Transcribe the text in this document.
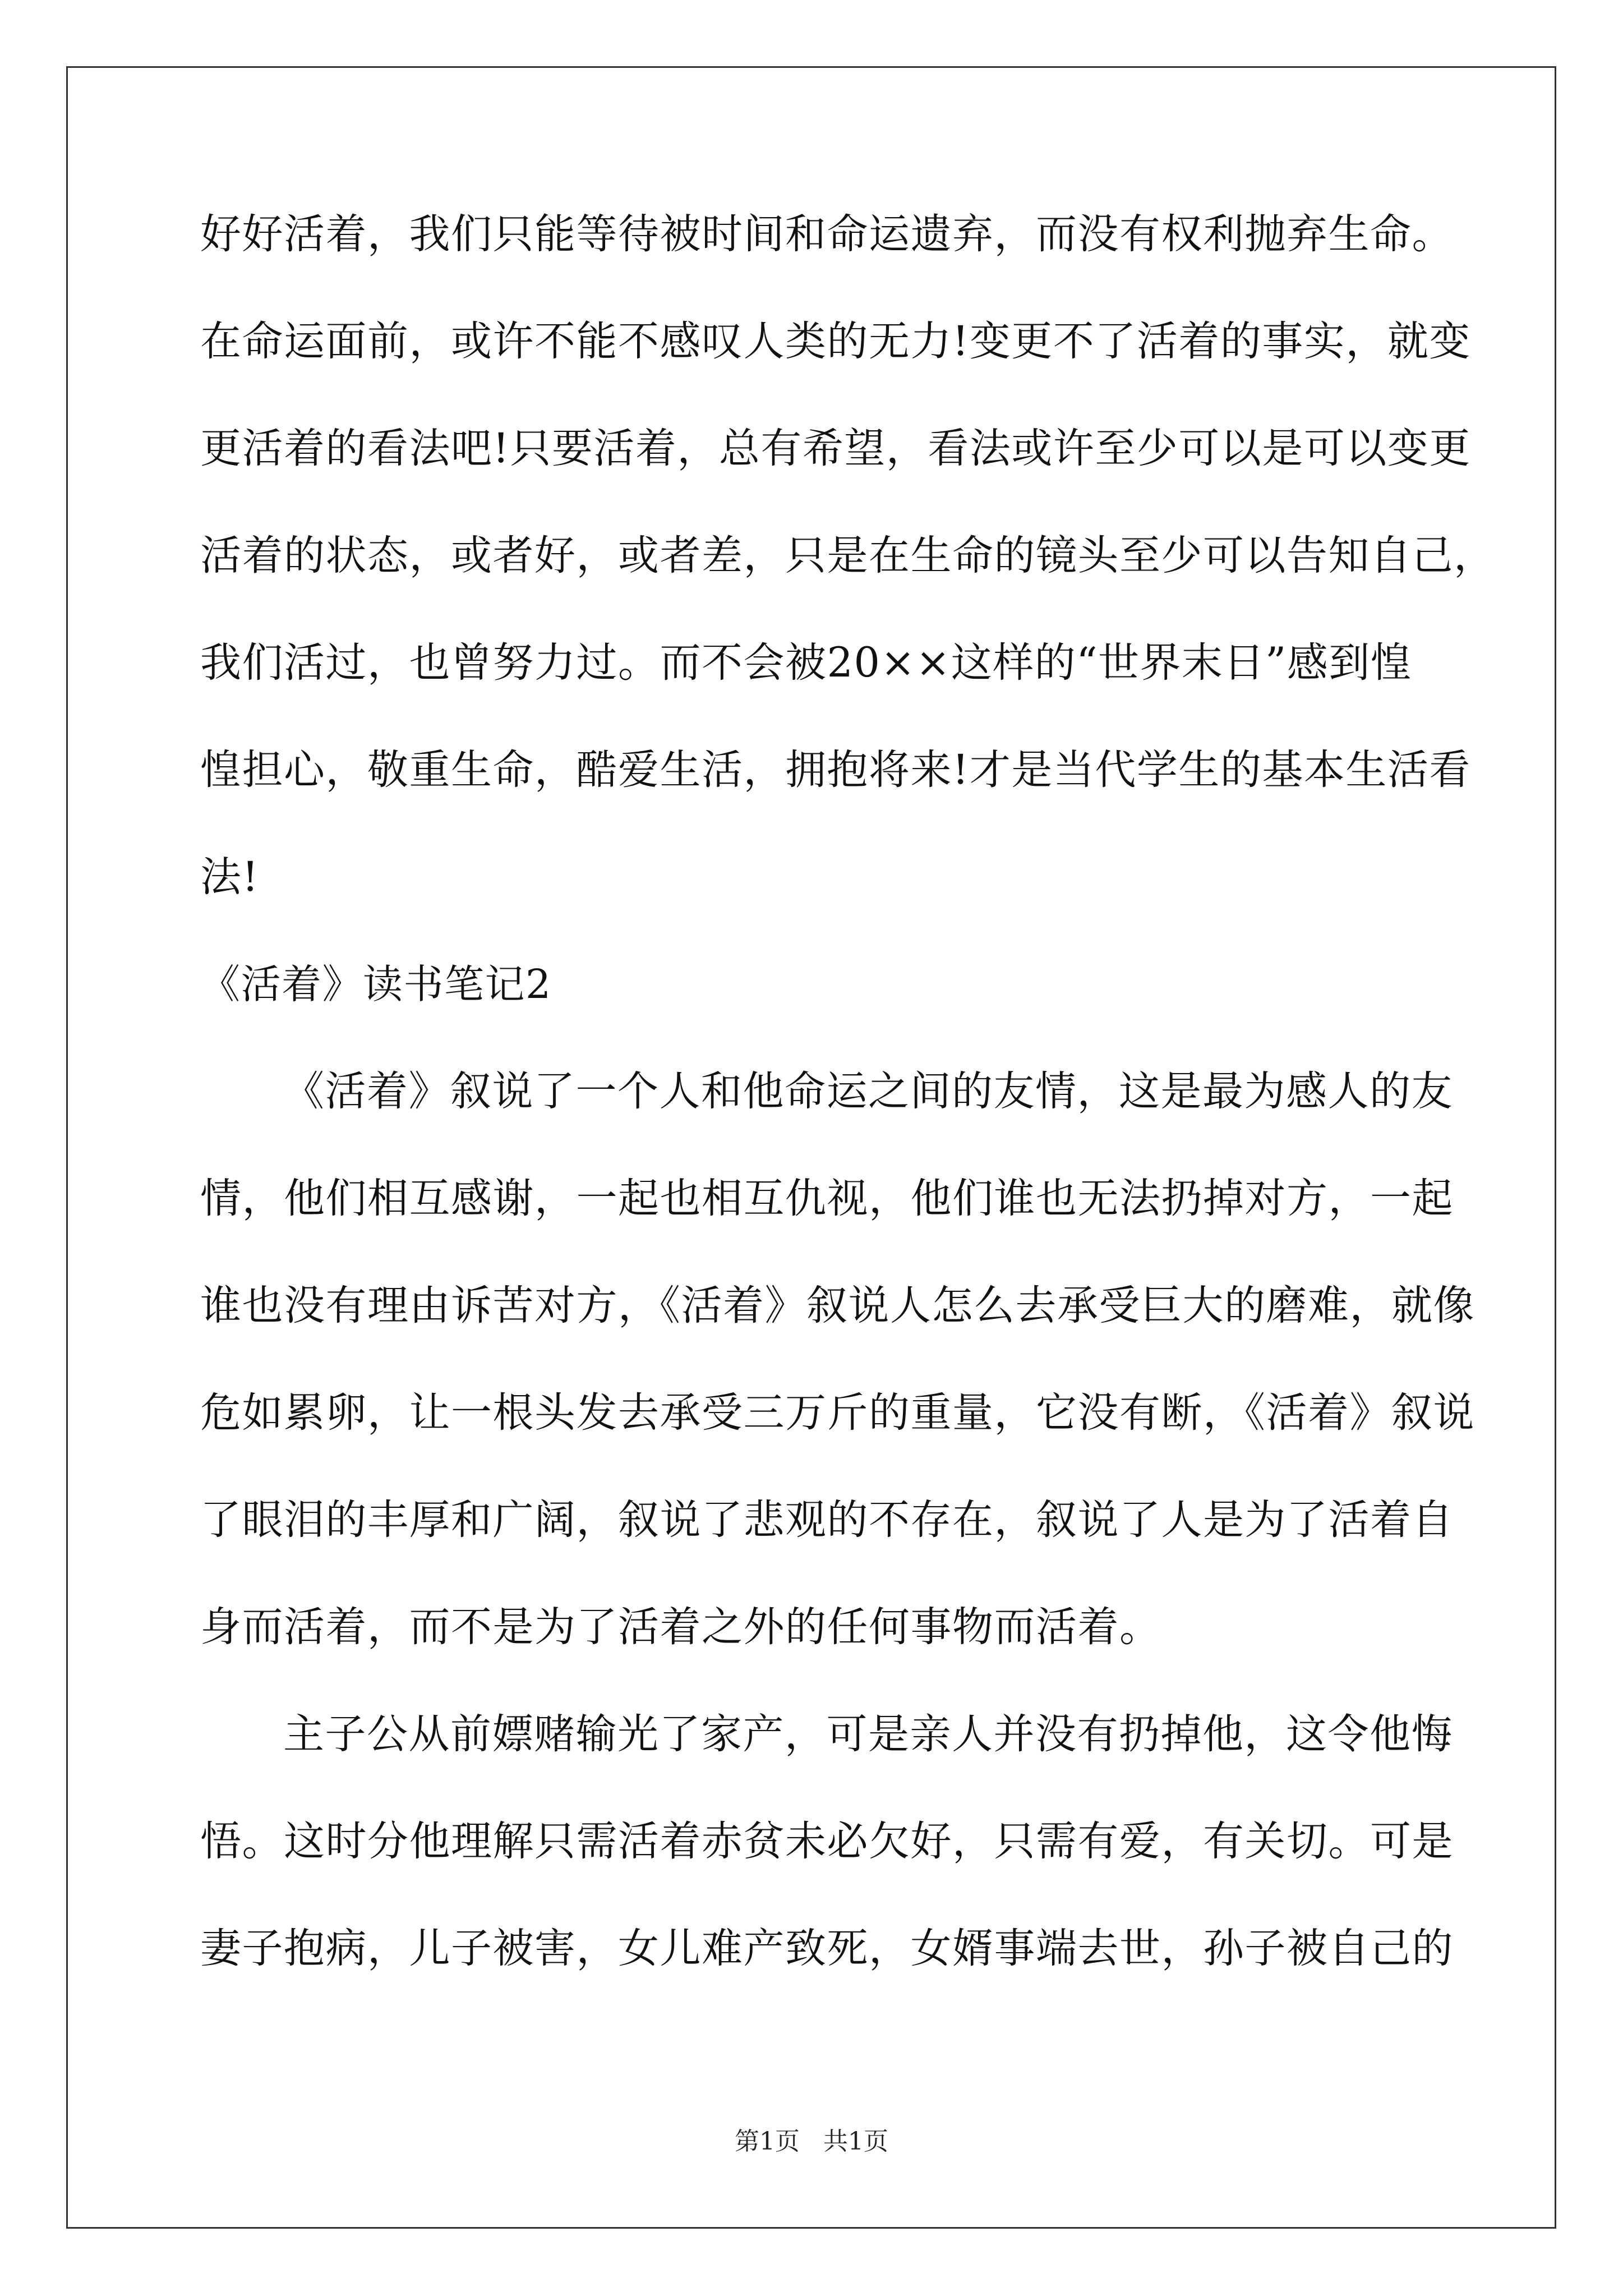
好好活着，我们只能等待被时间和命运遗弃，而没有权利抛弃生命。
在命运面前，或许不能不感叹人类的无力!变更不了活着的事实，就变
更活着的看法吧!只要活着，总有希望，看法或许至少可以是可以变更
活着的状态，或者好，或者差，只是在生命的镜头至少可以告知自己，
我们活过，也曾努力过。而不会被20××这样的“世界末日”感到惶
惶担心，敬重生命，酷爱生活，拥抱将来!才是当代学生的基本生活看
法!
《活着》读书笔记2
《活着》叙说了一个人和他命运之间的友情，这是最为感人的友
情，他们相互感谢，一起也相互仇视，他们谁也无法扔掉对方，一起
谁也没有理由诉苦对方，《活着》叙说人怎么去承受巨大的磨难，就像
危如累卵，让一根头发去承受三万斤的重量，它没有断，《活着》叙说
了眼泪的丰厚和广阔，叙说了悲观的不存在，叙说了人是为了活着自
身而活着，而不是为了活着之外的任何事物而活着。
主子公从前嫖赌输光了家产，可是亲人并没有扔掉他，这令他悔
悟。这时分他理解只需活着赤贫未必欠好，只需有爱，有关切。可是
妻子抱病，儿子被害，女儿难产致死，女婿事端去世，孙子被自己的
第1页   共1页
